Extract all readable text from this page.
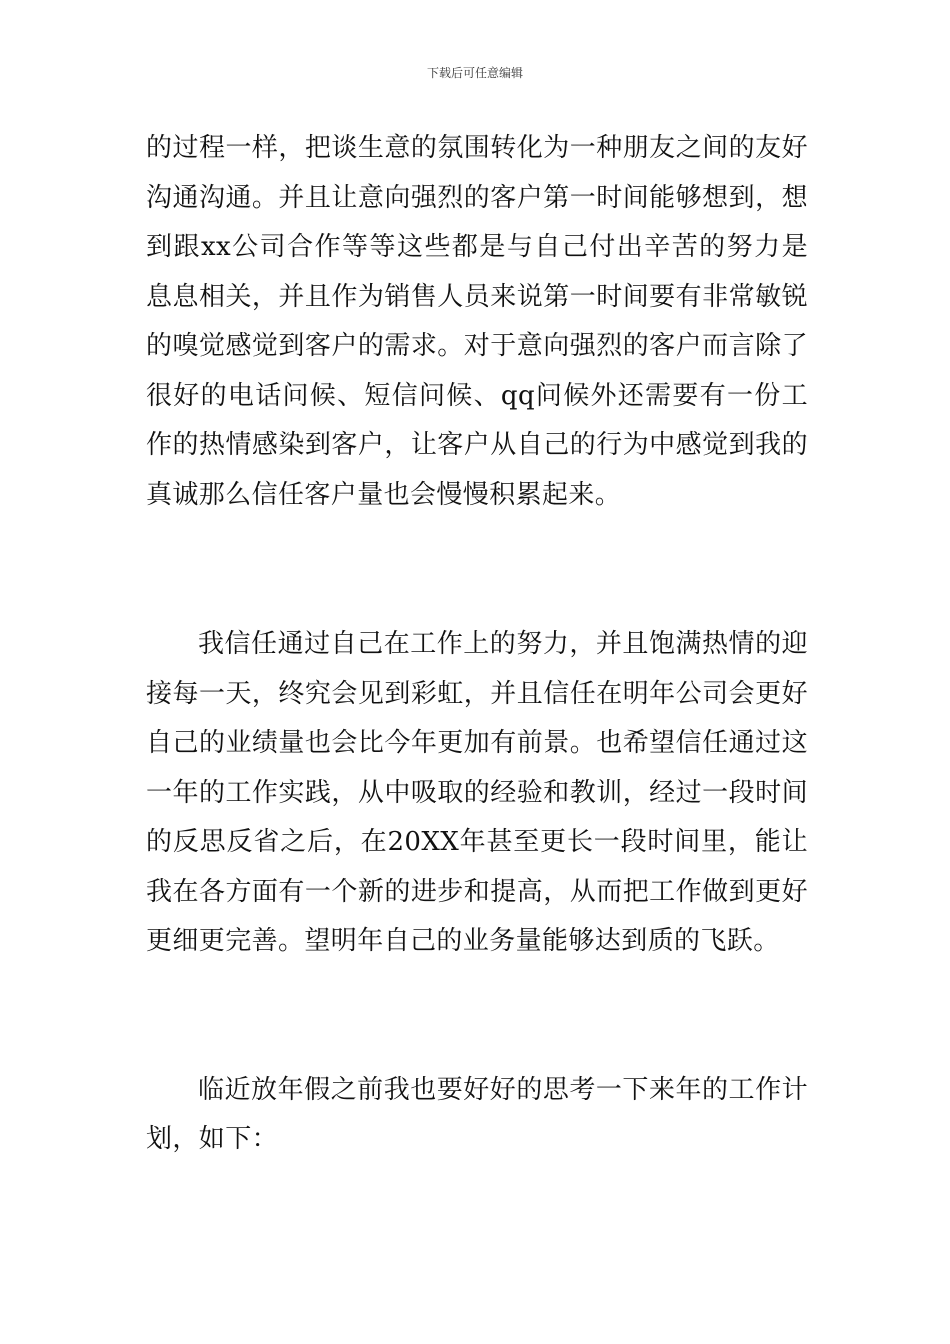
下载后可任意编辑

的过程一样，把谈生意的氛围转化为一种朋友之间的友好沟通沟通。并且让意向强烈的客户第一时间能够想到，想到跟xx公司合作等等这些都是与自己付出辛苦的努力是息息相关，并且作为销售人员来说第一时间要有非常敏锐的嗅觉感觉到客户的需求。对于意向强烈的客户而言除了很好的电话问候、短信问候、qq问候外还需要有一份工作的热情感染到客户，让客户从自己的行为中感觉到我的真诚那么信任客户量也会慢慢积累起来。

我信任通过自己在工作上的努力，并且饱满热情的迎接每一天，终究会见到彩虹，并且信任在明年公司会更好自己的业绩量也会比今年更加有前景。也希望信任通过这一年的工作实践，从中吸取的经验和教训，经过一段时间的反思反省之后，在20XX年甚至更长一段时间里，能让我在各方面有一个新的进步和提高，从而把工作做到更好更细更完善。望明年自己的业务量能够达到质的飞跃。

临近放年假之前我也要好好的思考一下来年的工作计划，如下：
